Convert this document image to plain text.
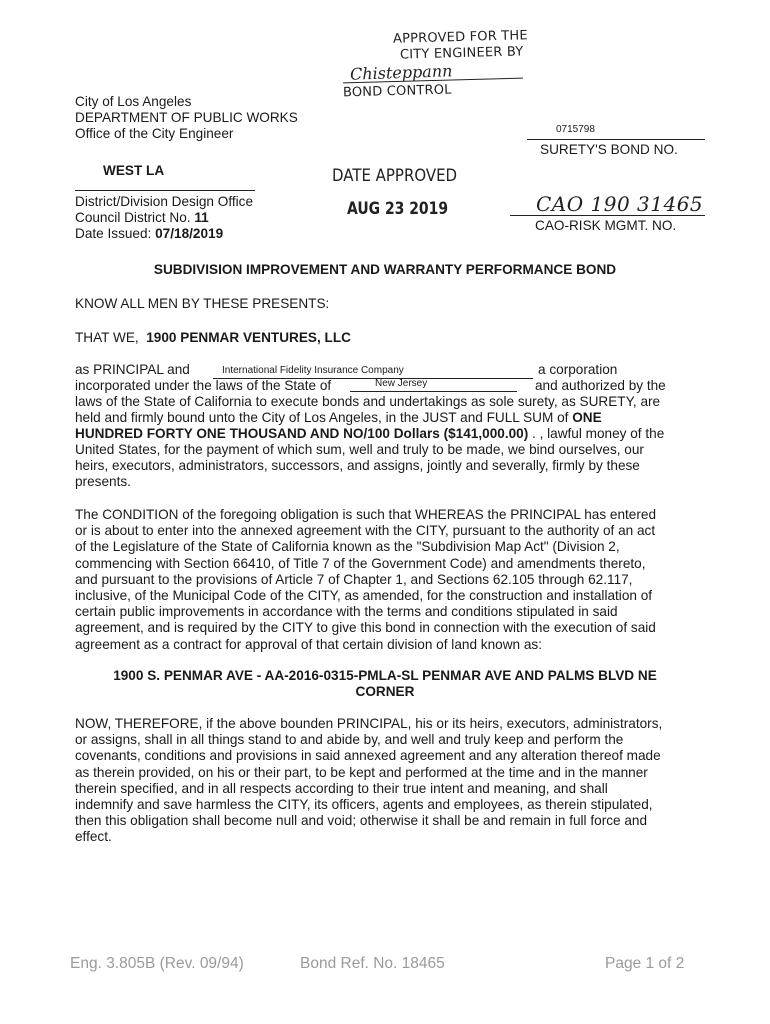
APPROVED FOR THE
CITY ENGINEER BY
Chisteppann
BOND CONTROL
City of Los Angeles
DEPARTMENT OF PUBLIC WORKS
Office of the City Engineer
WEST LA
District/Division Design Office
Council District No. 11
Date Issued: 07/18/2019
DATE APPROVED
AUG 23 2019
0715798
SURETY'S BOND NO.
CAO 190 31465
CAO-RISK MGMT. NO.
SUBDIVISION IMPROVEMENT AND WARRANTY PERFORMANCE BOND
KNOW ALL MEN BY THESE PRESENTS:
THAT WE, 1900 PENMAR VENTURES, LLC
as PRINCIPAL and	International Fidelity Insurance Company	a corporation
incorporated under the laws of the State of	New Jersey	and authorized by the
laws of the State of California to execute bonds and undertakings as sole surety, as SURETY, are
held and firmly bound unto the City of Los Angeles, in the JUST and FULL SUM of ONE
HUNDRED FORTY ONE THOUSAND AND NO/100 Dollars ($141,000.00) . , lawful money of the
United States, for the payment of which sum, well and truly to be made, we bind ourselves, our
heirs, executors, administrators, successors, and assigns, jointly and severally, firmly by these
presents.
The CONDITION of the foregoing obligation is such that WHEREAS the PRINCIPAL has entered
or is about to enter into the annexed agreement with the CITY, pursuant to the authority of an act
of the Legislature of the State of California known as the "Subdivision Map Act" (Division 2,
commencing with Section 66410, of Title 7 of the Government Code) and amendments thereto,
and pursuant to the provisions of Article 7 of Chapter 1, and Sections 62.105 through 62.117,
inclusive, of the Municipal Code of the CITY, as amended, for the construction and installation of
certain public improvements in accordance with the terms and conditions stipulated in said
agreement, and is required by the CITY to give this bond in connection with the execution of said
agreement as a contract for approval of that certain division of land known as:
1900 S. PENMAR AVE - AA-2016-0315-PMLA-SL PENMAR AVE AND PALMS BLVD NE
CORNER
NOW, THEREFORE, if the above bounden PRINCIPAL, his or its heirs, executors, administrators,
or assigns, shall in all things stand to and abide by, and well and truly keep and perform the
covenants, conditions and provisions in said annexed agreement and any alteration thereof made
as therein provided, on his or their part, to be kept and performed at the time and in the manner
therein specified, and in all respects according to their true intent and meaning, and shall
indemnify and save harmless the CITY, its officers, agents and employees, as therein stipulated,
then this obligation shall become null and void; otherwise it shall be and remain in full force and
effect.
Eng. 3.805B (Rev. 09/94)	Bond Ref. No. 18465	Page 1 of 2
